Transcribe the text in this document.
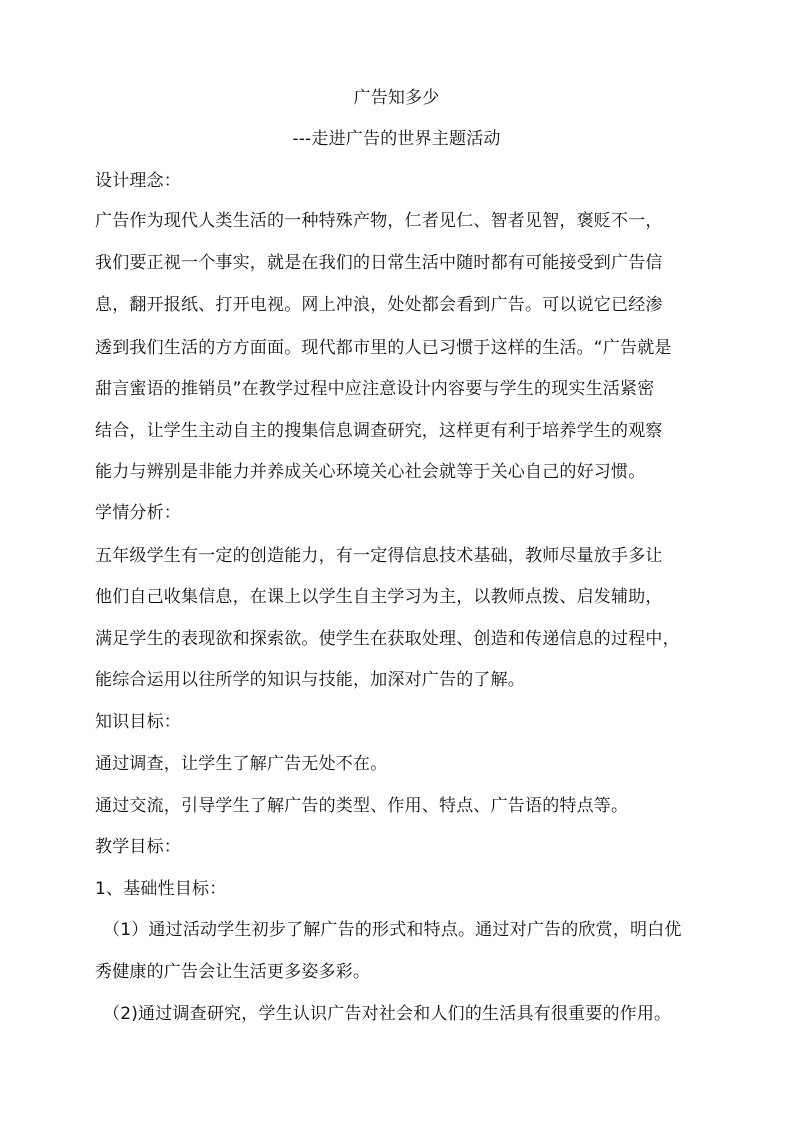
广告知多少
---走进广告的世界主题活动
设计理念：
广告作为现代人类生活的一种特殊产物，仁者见仁、智者见智，褒贬不一，
我们要正视一个事实，就是在我们的日常生活中随时都有可能接受到广告信
息，翻开报纸、打开电视。网上冲浪，处处都会看到广告。可以说它已经渗
透到我们生活的方方面面。现代都市里的人已习惯于这样的生活。“广告就是
甜言蜜语的推销员”在教学过程中应注意设计内容要与学生的现实生活紧密
结合，让学生主动自主的搜集信息调查研究，这样更有利于培养学生的观察
能力与辨别是非能力并养成关心环境关心社会就等于关心自己的好习惯。
学情分析：
五年级学生有一定的创造能力，有一定得信息技术基础，教师尽量放手多让
他们自己收集信息，在课上以学生自主学习为主，以教师点拨、启发辅助，
满足学生的表现欲和探索欲。使学生在获取处理、创造和传递信息的过程中，
能综合运用以往所学的知识与技能，加深对广告的了解。
知识目标：
通过调查，让学生了解广告无处不在。
通过交流，引导学生了解广告的类型、作用、特点、广告语的特点等。
教学目标：
1、基础性目标：
（1）通过活动学生初步了解广告的形式和特点。通过对广告的欣赏，明白优
秀健康的广告会让生活更多姿多彩。
（2)通过调查研究，学生认识广告对社会和人们的生活具有很重要的作用。
